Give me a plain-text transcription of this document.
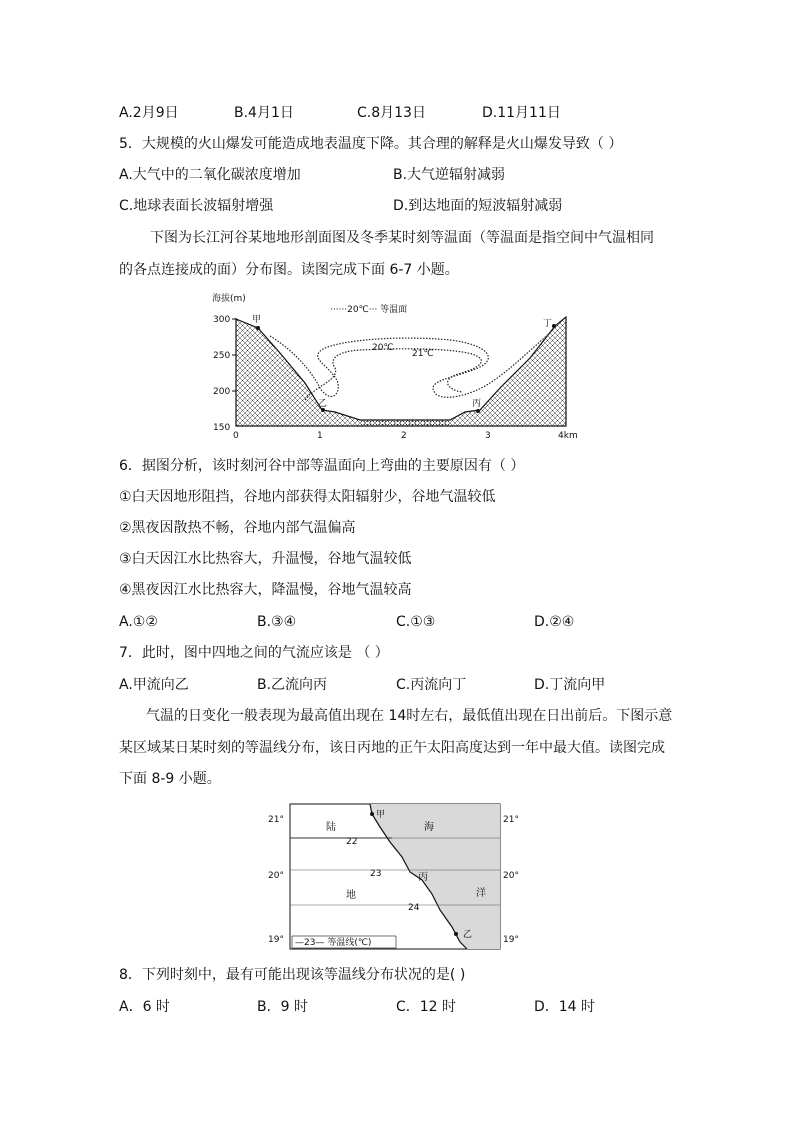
A.2月9日	B.4月1日	C.8月13日	D.11月11日
5．大规模的火山爆发可能造成地表温度下降。其合理的解释是火山爆发导致（ ）
A.大气中的二氧化碳浓度增加	B.大气逆辐射减弱
C.地球表面长波辐射增强	D.到达地面的短波辐射减弱
下图为长江河谷某地地形剖面图及冬季某时刻等温面（等温面是指空间中气温相同
的各点连接成的面）分布图。读图完成下面 6-7 小题。
海拔(m)
······20℃··· 等温面
300
250
200
150
0	1	2	3	4km
20℃
21℃
甲
乙	丙
丁
6．据图分析，该时刻河谷中部等温面向上弯曲的主要原因有（ ）
①白天因地形阻挡，谷地内部获得太阳辐射少，谷地气温较低
②黑夜因散热不畅，谷地内部气温偏高
③白天因江水比热容大，升温慢，谷地气温较低
④黑夜因江水比热容大，降温慢，谷地气温较高
A.①②	B.③④	C.①③	D.②④
7．此时，图中四地之间的气流应该是 （ ）
A.甲流向乙	B.乙流向丙	C.丙流向丁	D.丁流向甲
气温的日变化一般表现为最高值出现在 14时左右，最低值出现在日出前后。下图示意
某区域某日某时刻的等温线分布，该日丙地的正午太阳高度达到一年中最大值。读图完成
下面 8-9 小题。
21°
20°
19°
21°
20°
19°
22
23
24
陆
地
海
洋
甲
丙
乙
—23— 等温线(℃)
8．下列时刻中，最有可能出现该等温线分布状况的是( )
A．6 时	B．9 时	C．12 时	D．14 时
